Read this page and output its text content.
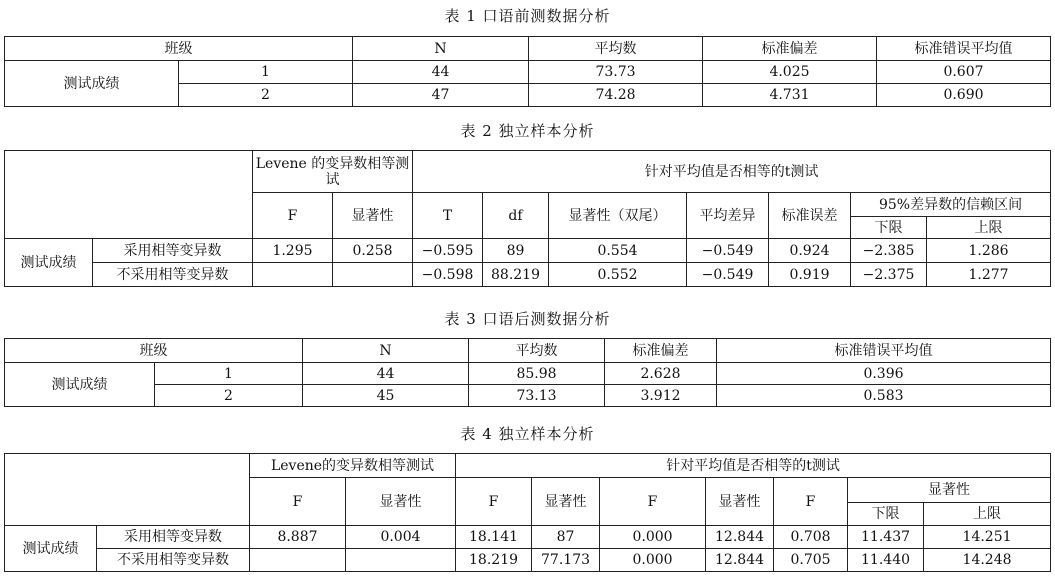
表 1 口语前测数据分析
班级		N	平均数	标准偏差	标准错误平均值
测试成绩	1	44	73.73	4.025	0.607
	2	47	74.28	4.731	0.690
表 2 独立样本分析
		Levene 的变异数相等测试		针对平均值是否相等的t测试						
		F	显著性	T	df	显著性（双尾）	平均差异	标准误差	95%差异数的信赖区间	
									下限	上限
测试成绩	采用相等变异数	1.295	0.258	−0.595	89	0.554	−0.549	0.924	−2.385	1.286
	不采用相等变异数			−0.598	88.219	0.552	−0.549	0.919	−2.375	1.277
表 3 口语后测数据分析
班级		N	平均数	标准偏差	标准错误平均值
测试成绩	1	44	85.98	2.628	0.396
	2	45	73.13	3.912	0.583
表 4 独立样本分析
		Levene的变异数相等测试		针对平均值是否相等的t测试						
		F	显著性	F	显著性	F	显著性	F	显著性	
									下限	上限
测试成绩	采用相等变异数	8.887	0.004	18.141	87	0.000	12.844	0.708	11.437	14.251
	不采用相等变异数			18.219	77.173	0.000	12.844	0.705	11.440	14.248
